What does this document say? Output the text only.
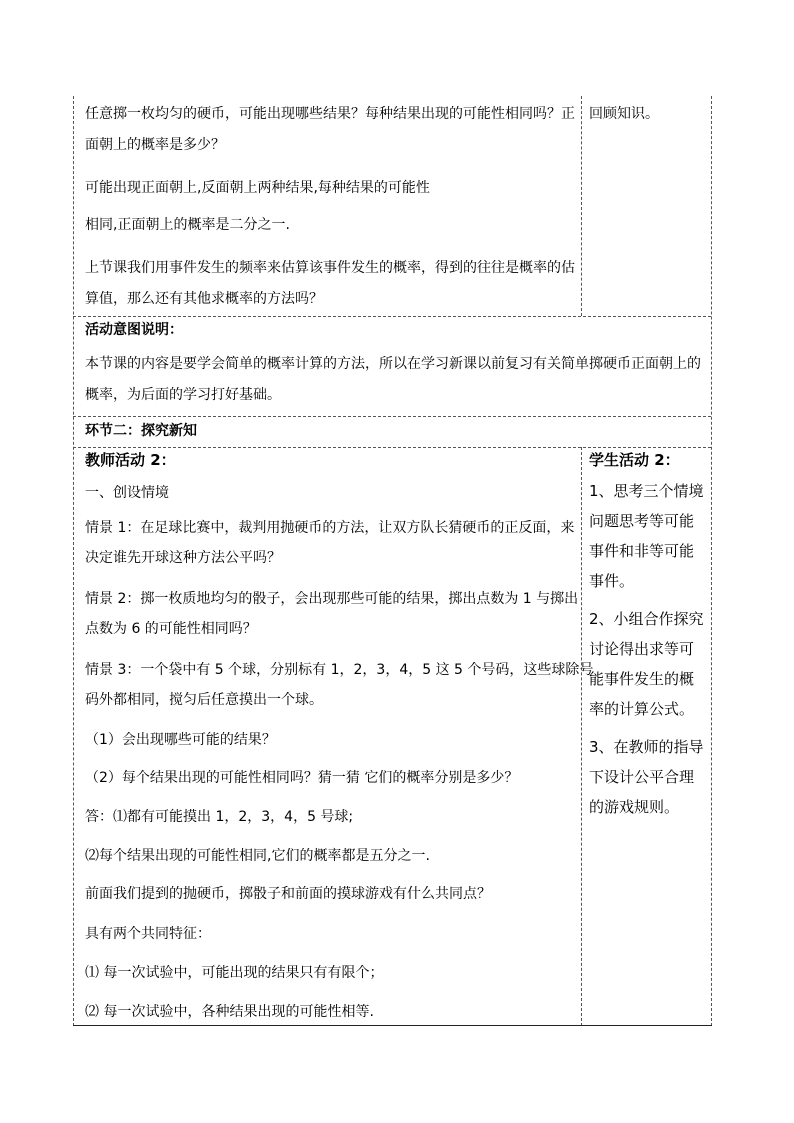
任意掷一枚均匀的硬币，可能出现哪些结果？每种结果出现的可能性相同吗？正

面朝上的概率是多少？

可能出现正面朝上,反面朝上两种结果,每种结果的可能性

相同,正面朝上的概率是二分之一.

上节课我们用事件发生的频率来估算该事件发生的概率，得到的往往是概率的估

算值，那么还有其他求概率的方法吗？

回顾知识。

活动意图说明：

本节课的内容是要学会简单的概率计算的方法，所以在学习新课以前复习有关简单掷硬币正面朝上的

概率，为后面的学习打好基础。

环节二：探究新知

教师活动 2：

一、创设情境

情景 1：在足球比赛中，裁判用抛硬币的方法，让双方队长猜硬币的正反面，来

决定谁先开球这种方法公平吗？

情景 2：掷一枚质地均匀的骰子，会出现那些可能的结果，掷出点数为 1 与掷出

点数为 6 的可能性相同吗？

情景 3：一个袋中有 5 个球，分别标有 1，2，3，4，5 这 5 个号码，这些球除号

码外都相同，搅匀后任意摸出一个球。

（1）会出现哪些可能的结果？

（2）每个结果出现的可能性相同吗？猜一猜 它们的概率分别是多少？

答：⑴都有可能摸出 1，2，3，4，5 号球;

⑵每个结果出现的可能性相同,它们的概率都是五分之一.

前面我们提到的抛硬币，掷骰子和前面的摸球游戏有什么共同点？

具有两个共同特征：

⑴ 每一次试验中，可能出现的结果只有有限个；

⑵ 每一次试验中，各种结果出现的可能性相等.

学生活动 2：

1、思考三个情境

问题思考等可能

事件和非等可能

事件。

2、小组合作探究

讨论得出求等可

能事件发生的概

率的计算公式。

3、在教师的指导

下设计公平合理

的游戏规则。
